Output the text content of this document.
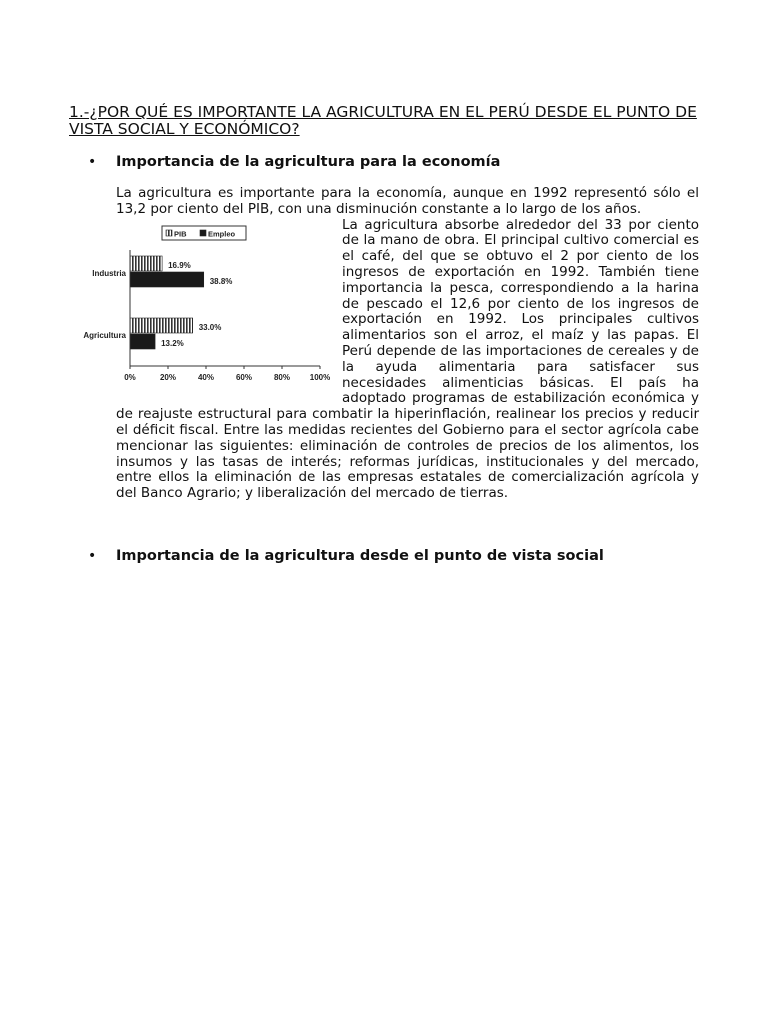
1.-¿POR QUÉ ES IMPORTANTE LA AGRICULTURA EN EL PERÚ DESDE EL PUNTO DE VISTA SOCIAL Y ECONÓMICO?
•	Importancia de la agricultura para la economía

La agricultura es importante para la economía, aunque en 1992 representó sólo el 13,2 por ciento del PIB, con una disminución constante a lo largo de los años.

PIB	Empleo
Industria
16.9%
38.8%
Agricultura
33.0%
13.2%
0%	20%	40%	60%	80% 100%

La agricultura absorbe alrededor del 33 por ciento de la mano de obra. El principal cultivo comercial es el café, del que se obtuvo el 2 por ciento de los ingresos de exportación en 1992. También tiene importancia la pesca, correspondiendo a la harina de pescado el 12,6 por ciento de los ingresos de exportación en 1992. Los principales cultivos alimentarios son el arroz, el maíz y las papas. El Perú depende de las importaciones de cereales y de la ayuda alimentaria para satisfacer sus necesidades alimenticias básicas. El país ha adoptado programas de estabilización económica y de reajuste estructural para combatir la hiperinflación, realinear los precios y reducir el déficit fiscal. Entre las medidas recientes del Gobierno para el sector agrícola cabe mencionar las siguientes: eliminación de controles de precios de los alimentos, los insumos y las tasas de interés; reformas jurídicas, institucionales y del mercado, entre ellos la eliminación de las empresas estatales de comercialización agrícola y del Banco Agrario; y liberalización del mercado de tierras.

•	Importancia de la agricultura desde el punto de vista social
